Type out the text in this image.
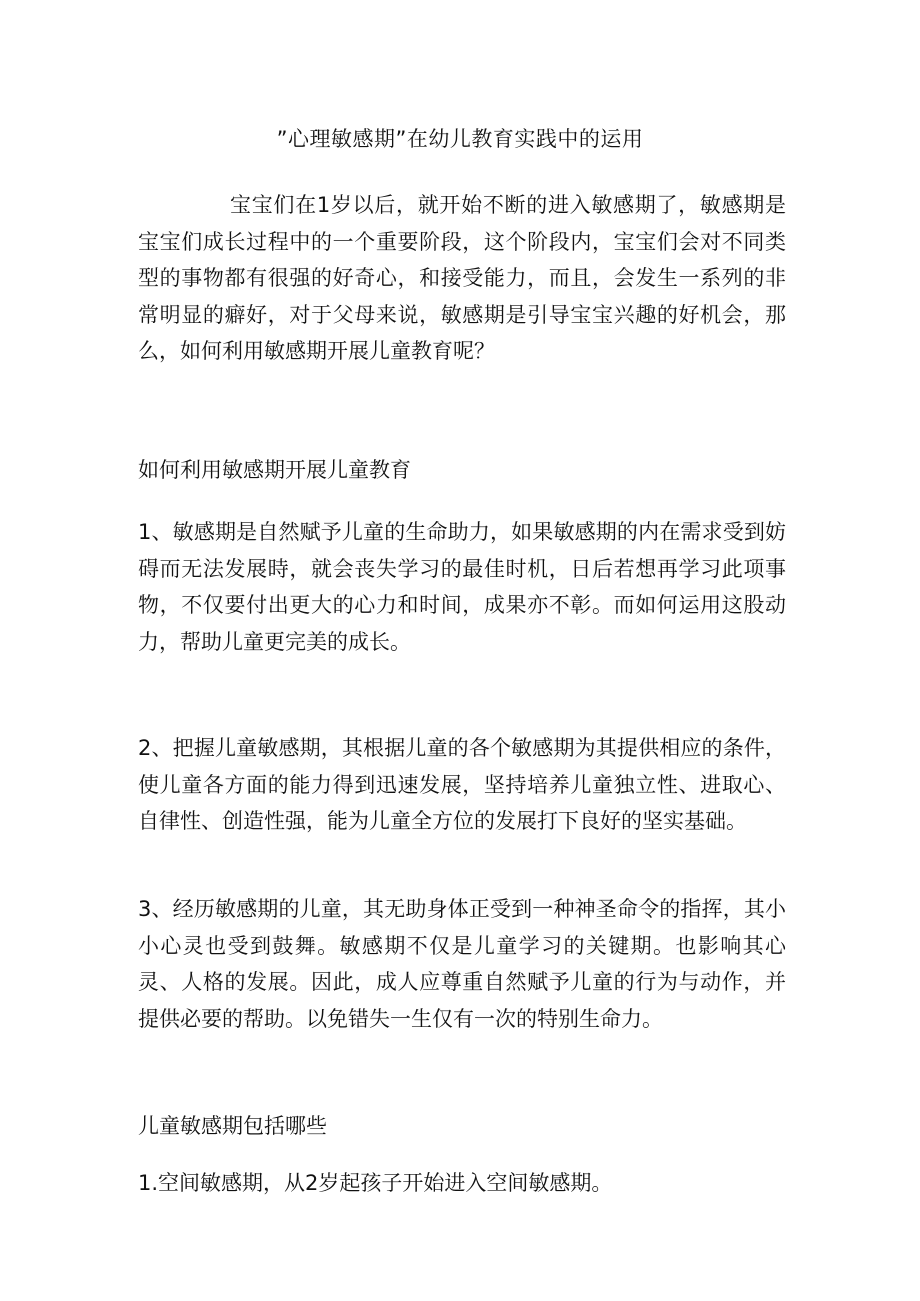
”心理敏感期”在幼儿教育实践中的运用

宝宝们在1岁以后，就开始不断的进入敏感期了，敏感期是宝宝们成长过程中的一个重要阶段，这个阶段内，宝宝们会对不同类型的事物都有很强的好奇心，和接受能力，而且，会发生一系列的非常明显的癖好，对于父母来说，敏感期是引导宝宝兴趣的好机会，那么，如何利用敏感期开展儿童教育呢？

如何利用敏感期开展儿童教育

1、敏感期是自然赋予儿童的生命助力，如果敏感期的内在需求受到妨碍而无法发展時，就会丧失学习的最佳时机，日后若想再学习此项事物，不仅要付出更大的心力和时间，成果亦不彰。而如何运用这股动力，帮助儿童更完美的成长。

2、把握儿童敏感期，其根据儿童的各个敏感期为其提供相应的条件，使儿童各方面的能力得到迅速发展，坚持培养儿童独立性、进取心、自律性、创造性强，能为儿童全方位的发展打下良好的坚实基础。

3、经历敏感期的儿童，其无助身体正受到一种神圣命令的指挥，其小小心灵也受到鼓舞。敏感期不仅是儿童学习的关键期。也影响其心灵、人格的发展。因此，成人应尊重自然赋予儿童的行为与动作，并提供必要的帮助。以免错失一生仅有一次的特别生命力。

儿童敏感期包括哪些

1.空间敏感期，从2岁起孩子开始进入空间敏感期。
